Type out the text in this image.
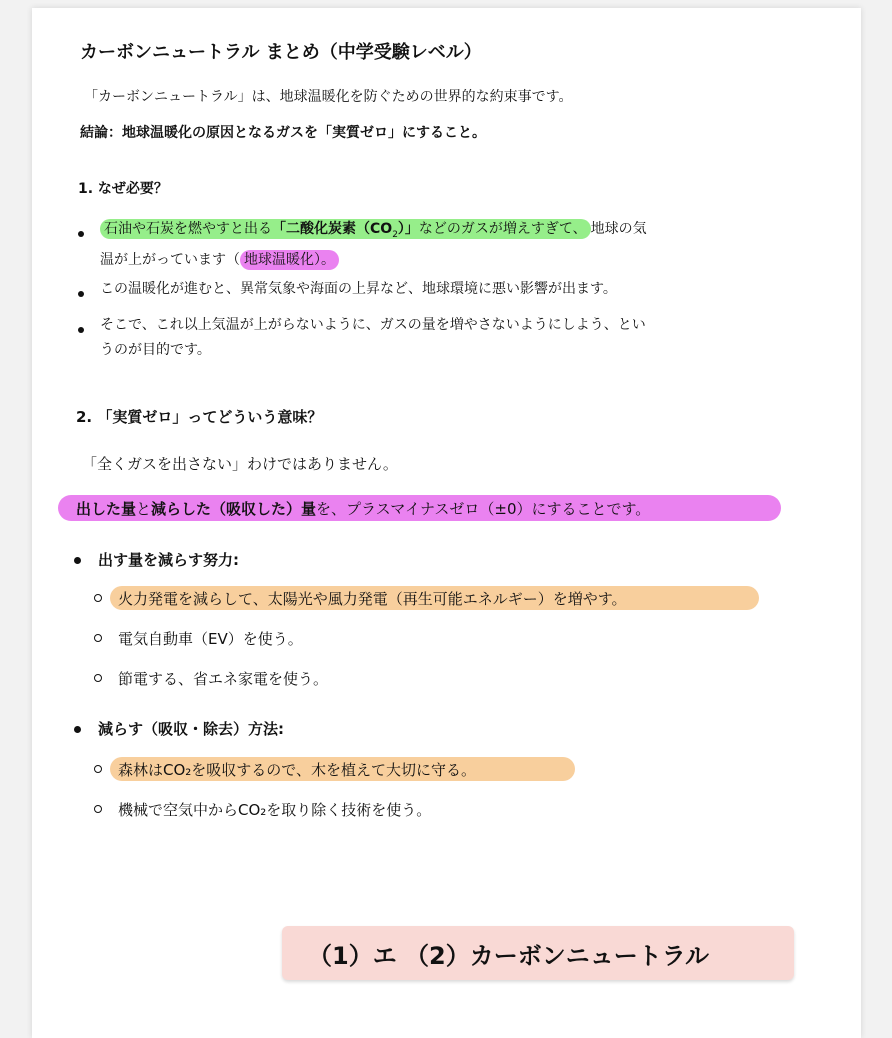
カーボンニュートラル まとめ（中学受験レベル）
「カーボンニュートラル」は、地球温暖化を防ぐための世界的な約束事です。
結論：地球温暖化の原因となるガスを「実質ゼロ」にすること。
1. なぜ必要？
石油や石炭を燃やすと出る「二酸化炭素$(CO_2)$」などのガスが増えすぎて、 地球の気
温が上がっています（ 地球温暖化）。
この温暖化が進むと、異常気象や海面の上昇など、地球環境に悪い影響が出ます。
そこで、これ以上気温が上がらないように、ガスの量を増やさないようにしよう、とい
うのが目的です。
2. 「実質ゼロ」ってどういう意味？
「全くガスを出さない」わけではありません。
出した量と減らした（吸収した）量を、プラスマイナスゼロ（±0）にすることです。
出す量を減らす努力:
火力発電を減らして、太陽光や風力発電（再生可能エネルギー）を増やす。
電気自動車（EV）を使う。
節電する、省エネ家電を使う。
減らす（吸収・除去）方法:
森林はCO₂を吸収するので、木を植えて大切に守る。
機械で空気中からCO₂を取り除く技術を使う。
（1）エ （2）カーボンニュートラル
